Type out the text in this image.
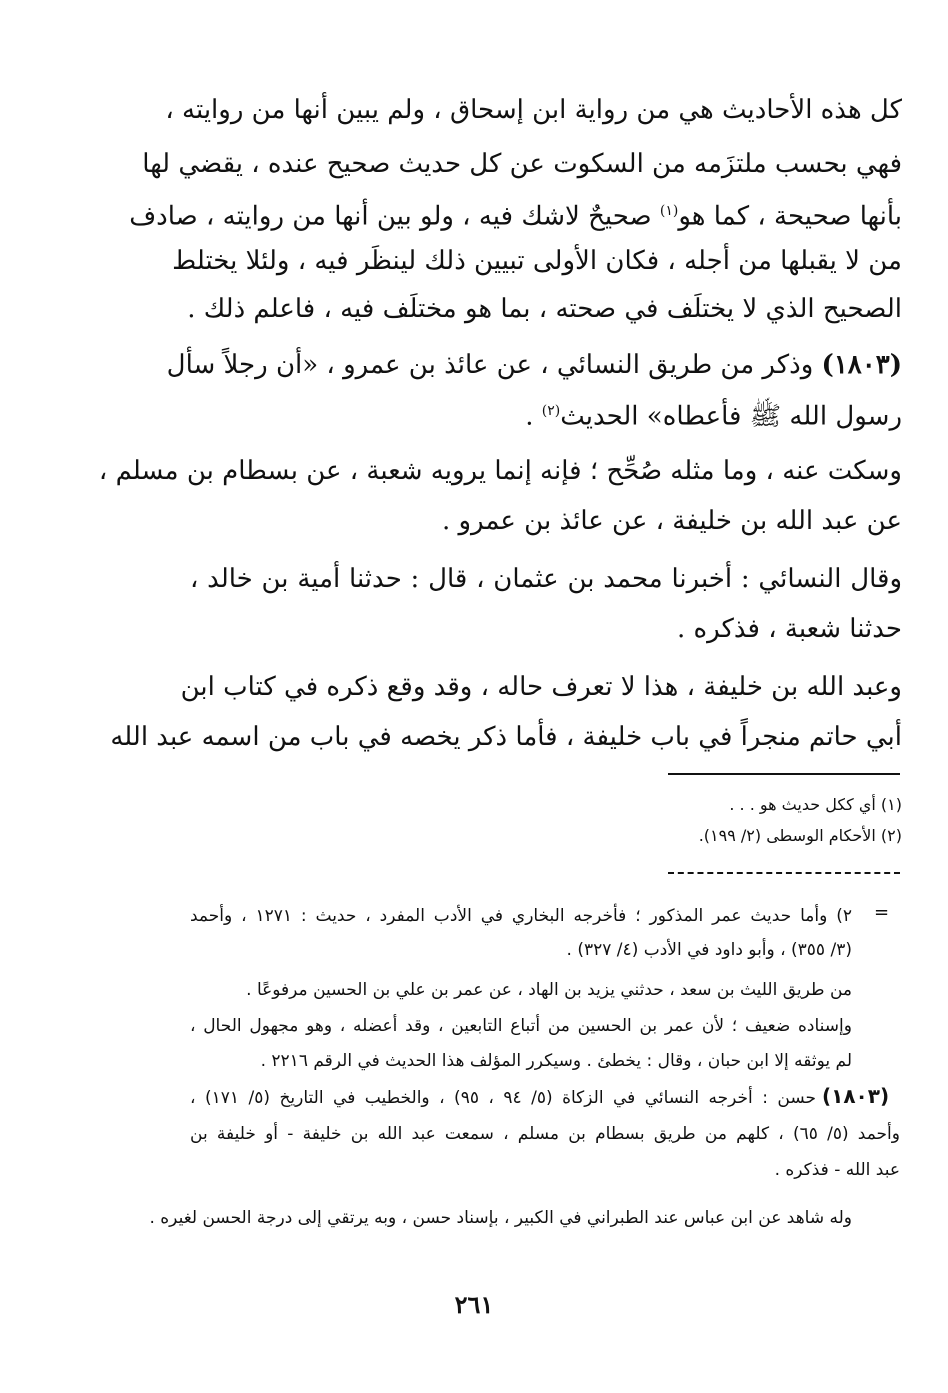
كل هذه الأحاديث هي من رواية ابن إسحاق ، ولم يبين أنها من روايته ،
فهي بحسب ملتزَمه من السكوت عن كل حديث صحيح عنده ، يقضي لها
بأنها صحيحة ، كما هو$^{(١)}$ صحيحٌ لاشك فيه ، ولو بين أنها من روايته ، صادف
من لا يقبلها من أجله ، فكان الأولى تبيين ذلك لينظَر فيه ، ولئلا يختلط
الصحيح الذي لا يختلَف في صحته ، بما هو مختلَف فيه ، فاعلم ذلك .
(١٨٠٣) وذكر من طريق النسائي ، عن عائذ بن عمرو ، «أن رجلاً سأل
رسول الله ﷺ فأعطاه» الحديث$^{(٢)}$ .
وسكت عنه ، وما مثله صُحِّح ؛ فإنه إنما يرويه شعبة ، عن بسطام بن مسلم ،
عن عبد الله بن خليفة ، عن عائذ بن عمرو .
وقال النسائي : أخبرنا محمد بن عثمان ، قال : حدثنا أمية بن خالد ،
حدثنا شعبة ، فذكره .
وعبد الله بن خليفة ، هذا لا تعرف حاله ، وقد وقع ذكره في كتاب ابن
أبي حاتم منجراً في باب خليفة ، فأما ذكر يخصه في باب من اسمه عبد الله
(١) أي ككل حديث هو . . .
(٢) الأحكام الوسطى (٢/ ١٩٩).
=
٢) وأما حديث عمر المذكور ؛ فأخرجه البخاري في الأدب المفرد ، حديث : ١٢٧١ ، وأحمد
(٣/ ٣٥٥) ، وأبو داود في الأدب (٤/ ٣٢٧) .
من طريق الليث بن سعد ، حدثني يزيد بن الهاد ، عن عمر بن علي بن الحسين مرفوعًا .
وإسناده ضعيف ؛ لأن عمر بن الحسين من أتباع التابعين ، وقد أعضله ، وهو مجهول الحال ،
لم يوثقه إلا ابن حبان ، وقال : يخطئ . وسيكرر المؤلف هذا الحديث في الرقم ٢٢١٦ .
(١٨٠٣)
حسن : أخرجه النسائي في الزكاة (٥/ ٩٤ ، ٩٥) ، والخطيب في التاريخ (٥/ ١٧١) ،
وأحمد (٥/ ٦٥) ، كلهم من طريق بسطام بن مسلم ، سمعت عبد الله بن خليفة - أو خليفة بن
عبد الله - فذكره .
وله شاهد عن ابن عباس عند الطبراني في الكبير ، بإسناد حسن ، وبه يرتقي إلى درجة الحسن لغيره .
٢٦١
